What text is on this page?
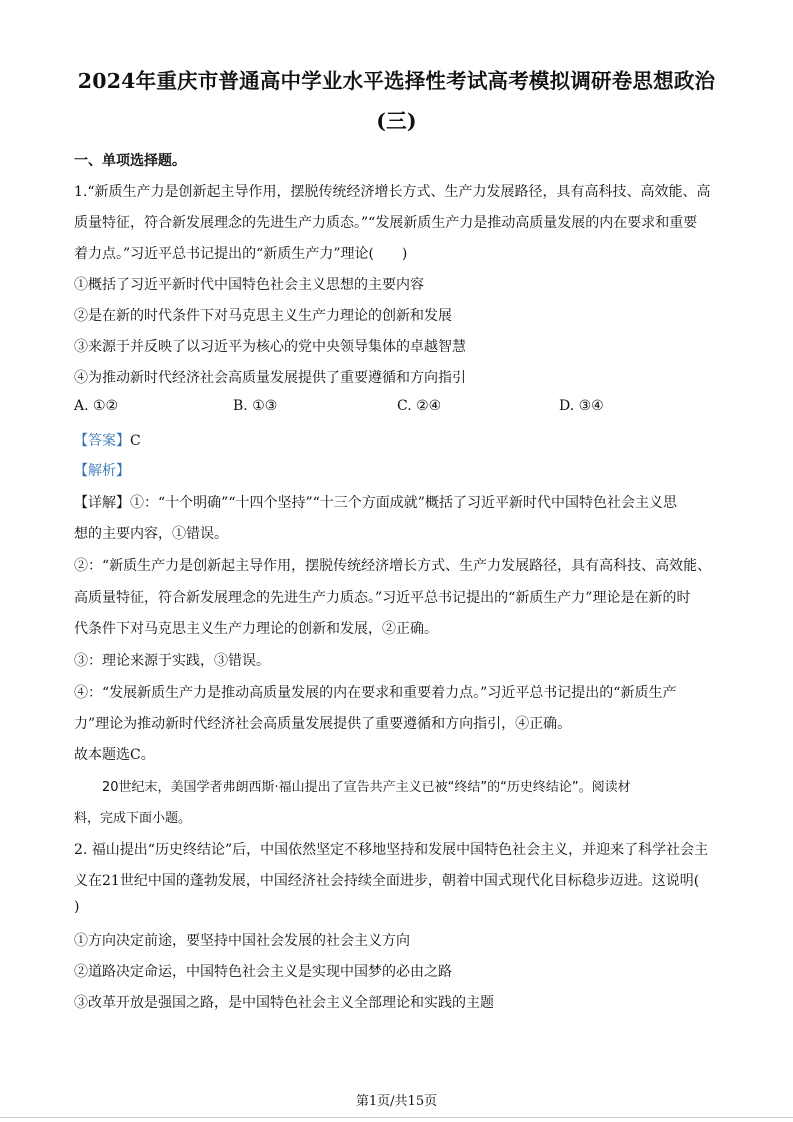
2024年重庆市普通高中学业水平选择性考试高考模拟调研卷思想政治
(三)
一、单项选择题。
1.“新质生产力是创新起主导作用，摆脱传统经济增长方式、生产力发展路径，具有高科技、高效能、高
质量特征，符合新发展理念的先进生产力质态。”“发展新质生产力是推动高质量发展的内在要求和重要
着力点。”习近平总书记提出的“新质生产力”理论(　　)
①概括了习近平新时代中国特色社会主义思想的主要内容
②是在新的时代条件下对马克思主义生产力理论的创新和发展
③来源于并反映了以习近平为核心的党中央领导集体的卓越智慧
④为推动新时代经济社会高质量发展提供了重要遵循和方向指引
A. ①②	B. ①③	C. ②④	D. ③④
【答案】C
【解析】
【详解】①：“十个明确”“十四个坚持”“十三个方面成就”概括了习近平新时代中国特色社会主义思
想的主要内容，①错误。
②：“新质生产力是创新起主导作用，摆脱传统经济增长方式、生产力发展路径，具有高科技、高效能、
高质量特征，符合新发展理念的先进生产力质态。”习近平总书记提出的“新质生产力”理论是在新的时
代条件下对马克思主义生产力理论的创新和发展，②正确。
③：理论来源于实践，③错误。
④：“发展新质生产力是推动高质量发展的内在要求和重要着力点。”习近平总书记提出的“新质生产
力”理论为推动新时代经济社会高质量发展提供了重要遵循和方向指引，④正确。
故本题选C。
20世纪末，美国学者弗朗西斯·福山提出了宣告共产主义已被“终结”的“历史终结论”。阅读材
料，完成下面小题。
2. 福山提出“历史终结论”后，中国依然坚定不移地坚持和发展中国特色社会主义，并迎来了科学社会主
义在21世纪中国的蓬勃发展，中国经济社会持续全面进步，朝着中国式现代化目标稳步迈进。这说明(
)
①方向决定前途，要坚持中国社会发展的社会主义方向
②道路决定命运，中国特色社会主义是实现中国梦的必由之路
③改革开放是强国之路，是中国特色社会主义全部理论和实践的主题
第1页/共15页
